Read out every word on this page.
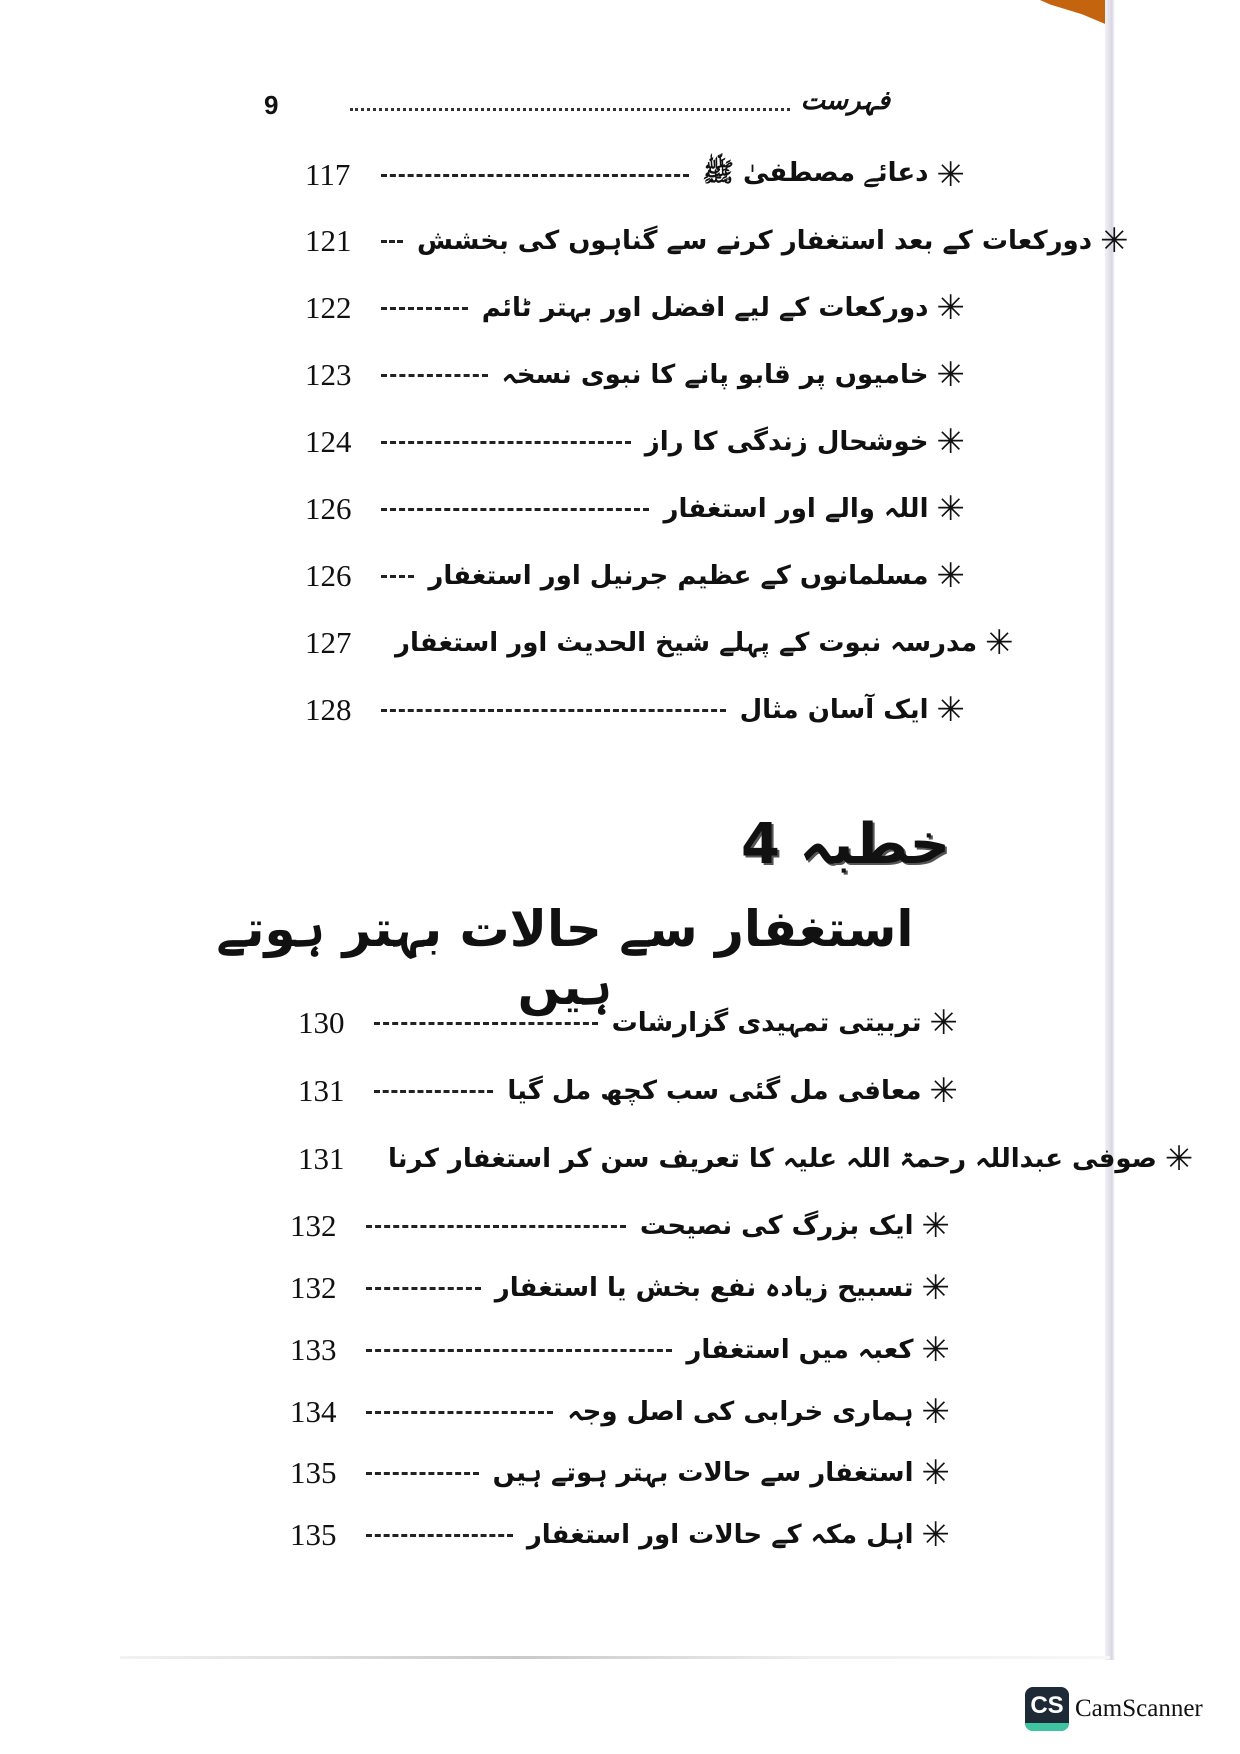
9	فہرست
117	دعائے مصطفیٰ ﷺ ✳
121	دورکعات کے بعد استغفار کرنے سے گناہوں کی بخشش ✳
122	دورکعات کے لیے افضل اور بہتر ٹائم ✳
123	خامیوں پر قابو پانے کا نبوی نسخہ ✳
124	خوشحال زندگی کا راز ✳
126	اللہ والے اور استغفار ✳
126	مسلمانوں کے عظیم جرنیل اور استغفار ✳
127	مدرسہ نبوت کے پہلے شیخ الحدیث اور استغفار ✳
128	ایک آسان مثال ✳
خطبہ 4
استغفار سے حالات بہتر ہوتے ہیں
130	تربیتی تمہیدی گزارشات ✳
131	معافی مل گئی سب کچھ مل گیا ✳
131	صوفی عبداللہ رحمۃ اللہ علیہ کا تعریف سن کر استغفار کرنا ✳
132	ایک بزرگ کی نصیحت ✳
132	تسبیح زیادہ نفع بخش یا استغفار ✳
133	کعبہ میں استغفار ✳
134	ہماری خرابی کی اصل وجہ ✳
135	استغفار سے حالات بہتر ہوتے ہیں ✳
135	اہل مکہ کے حالات اور استغفار ✳
CS CamScanner
